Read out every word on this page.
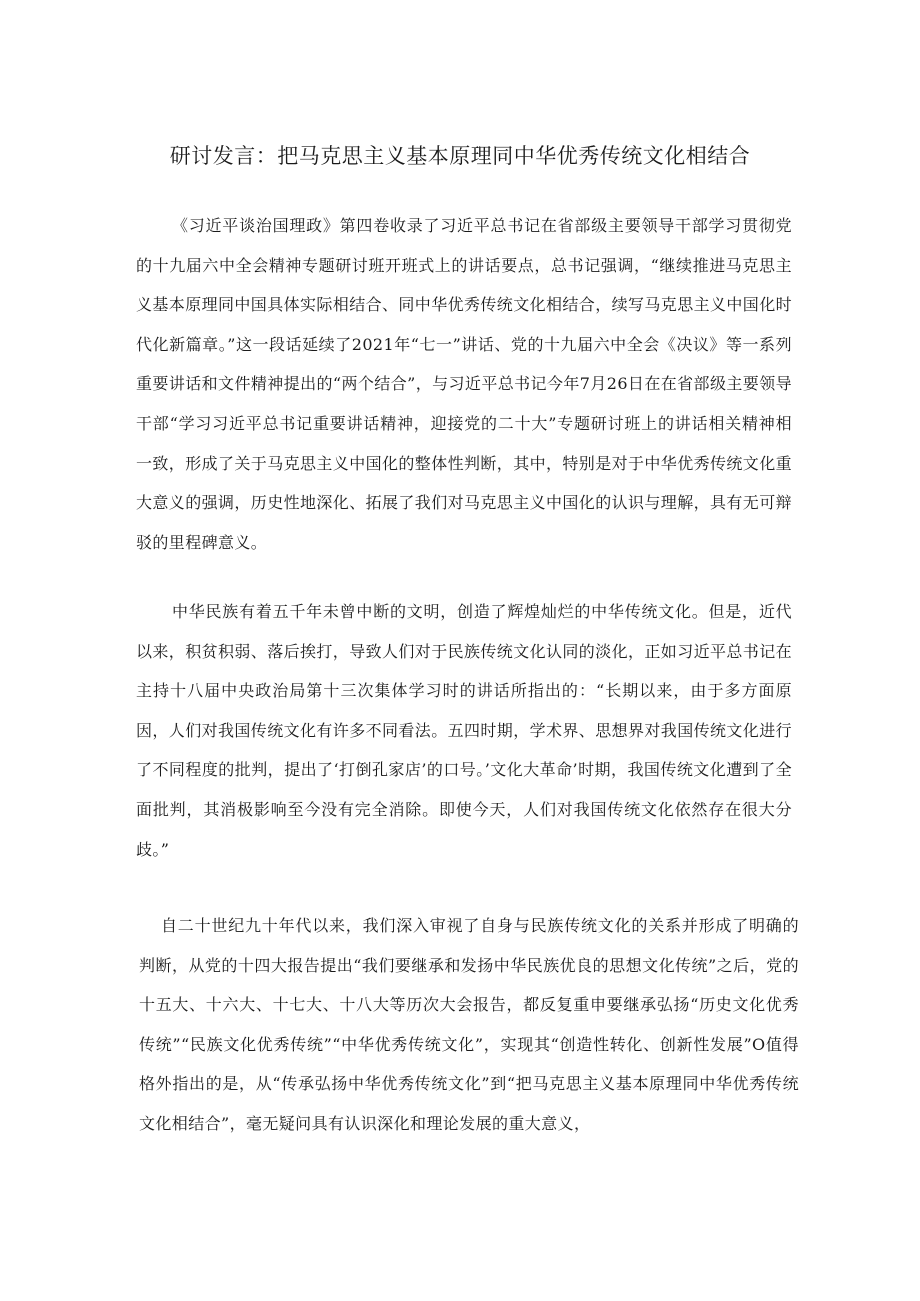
研讨发言：把马克思主义基本原理同中华优秀传统文化相结合
《习近平谈治国理政》第四卷收录了习近平总书记在省部级主要领导干部学习贯彻党的十九届六中全会精神专题研讨班开班式上的讲话要点，总书记强调，“继续推进马克思主义基本原理同中国具体实际相结合、同中华优秀传统文化相结合，续写马克思主义中国化时代化新篇章。”这一段话延续了2021年“七一”讲话、党的十九届六中全会《决议》等一系列重要讲话和文件精神提出的“两个结合”，与习近平总书记今年7月26日在在省部级主要领导干部“学习习近平总书记重要讲话精神，迎接党的二十大”专题研讨班上的讲话相关精神相一致，形成了关于马克思主义中国化的整体性判断，其中，特别是对于中华优秀传统文化重大意义的强调，历史性地深化、拓展了我们对马克思主义中国化的认识与理解，具有无可辩驳的里程碑意义。
中华民族有着五千年未曾中断的文明，创造了辉煌灿烂的中华传统文化。但是，近代以来，积贫积弱、落后挨打，导致人们对于民族传统文化认同的淡化，正如习近平总书记在主持十八届中央政治局第十三次集体学习时的讲话所指出的：“长期以来，由于多方面原因，人们对我国传统文化有许多不同看法。五四时期，学术界、思想界对我国传统文化进行了不同程度的批判，提出了‘打倒孔家店’的口号。’文化大革命’时期，我国传统文化遭到了全面批判，其消极影响至今没有完全消除。即使今天，人们对我国传统文化依然存在很大分歧。”
自二十世纪九十年代以来，我们深入审视了自身与民族传统文化的关系并形成了明确的判断，从党的十四大报告提出“我们要继承和发扬中华民族优良的思想文化传统”之后，党的十五大、十六大、十七大、十八大等历次大会报告，都反复重申要继承弘扬“历史文化优秀传统”“民族文化优秀传统”“中华优秀传统文化”，实现其“创造性转化、创新性发展”O值得格外指出的是，从“传承弘扬中华优秀传统文化”到“把马克思主义基本原理同中华优秀传统文化相结合”，毫无疑问具有认识深化和理论发展的重大意义，
